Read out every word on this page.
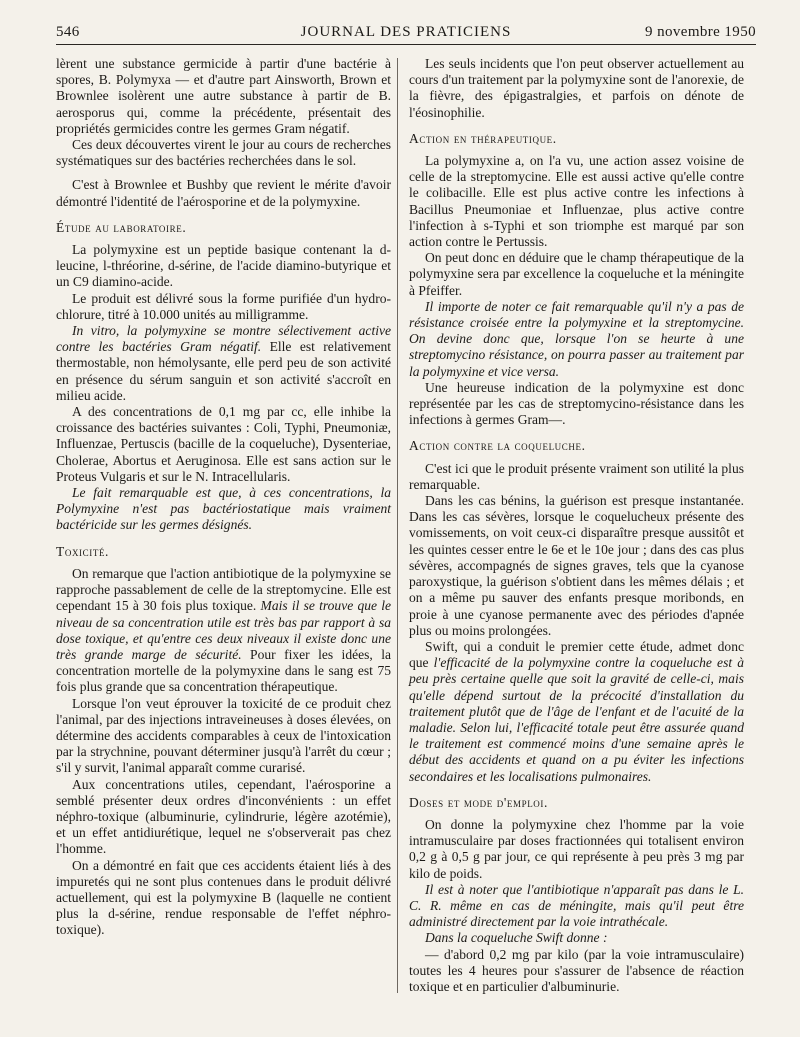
546	JOURNAL DES PRATICIENS	9 novembre 1950

lèrent une substance germicide à partir d'une bactérie à spores, B. Polymyxa — et d'autre part Ainsworth, Brown et Brownlee isolèrent une autre substance à partir de B. aerosporus qui, comme la précédente, présentait des propriétés germicides contre les germes Gram négatif.

Ces deux découvertes virent le jour au cours de recherches systématiques sur des bactéries recherchées dans le sol.

C'est à Brownlee et Bushby que revient le mérite d'avoir démontré l'identité de l'aérosporine et de la polymyxine.

Étude au laboratoire.

La polymyxine est un peptide basique contenant la d-leucine, l-thréorine, d-sérine, de l'acide diamino-butyrique et un C9 diamino-acide.

Le produit est délivré sous la forme purifiée d'un hydro-chlorure, titré à 10.000 unités au milligramme.

In vitro, la polymyxine se montre sélectivement active contre les bactéries Gram négatif. Elle est relativement thermostable, non hémolysante, elle perd peu de son activité en présence du sérum sanguin et son activité s'accroît en milieu acide.

A des concentrations de 0,1 mg par cc, elle inhibe la croissance des bactéries suivantes : Coli, Typhi, Pneumoniæ, Influenzae, Pertuscis (bacille de la coqueluche), Dysenteriae, Cholerae, Abortus et Aeruginosa. Elle est sans action sur le Proteus Vulgaris et sur le N. Intracellularis.

Le fait remarquable est que, à ces concentrations, la Polymyxine n'est pas bactériostatique mais vraiment bactéricide sur les germes désignés.

Toxicité.

On remarque que l'action antibiotique de la polymyxine se rapproche passablement de celle de la streptomycine. Elle est cependant 15 à 30 fois plus toxique. Mais il se trouve que le niveau de sa concentration utile est très bas par rapport à sa dose toxique, et qu'entre ces deux niveaux il existe donc une très grande marge de sécurité. Pour fixer les idées, la concentration mortelle de la polymyxine dans le sang est 75 fois plus grande que sa concentration thérapeutique.

Lorsque l'on veut éprouver la toxicité de ce produit chez l'animal, par des injections intraveineuses à doses élevées, on détermine des accidents comparables à ceux de l'intoxication par la strychnine, pouvant déterminer jusqu'à l'arrêt du cœur ; s'il y survit, l'animal apparaît comme curarisé.

Aux concentrations utiles, cependant, l'aérosporine a semblé présenter deux ordres d'inconvénients : un effet néphro-toxique (albuminurie, cylindrurie, légère azotémie), et un effet antidiurétique, lequel ne s'observerait pas chez l'homme.

On a démontré en fait que ces accidents étaient liés à des impuretés qui ne sont plus contenues dans le produit délivré actuellement, qui est la polymyxine B (laquelle ne contient plus la d-sérine, rendue responsable de l'effet néphro-toxique).

Les seuls incidents que l'on peut observer actuellement au cours d'un traitement par la polymyxine sont de l'anorexie, de la fièvre, des épigastralgies, et parfois on dénote de l'éosinophilie.

Action en thérapeutique.

La polymyxine a, on l'a vu, une action assez voisine de celle de la streptomycine. Elle est aussi active qu'elle contre le colibacille. Elle est plus active contre les infections à Bacillus Pneumoniae et Influenzae, plus active contre l'infection à s-Typhi et son triomphe est marqué par son action contre le Pertussis.

On peut donc en déduire que le champ thérapeutique de la polymyxine sera par excellence la coqueluche et la méningite à Pfeiffer.

Il importe de noter ce fait remarquable qu'il n'y a pas de résistance croisée entre la polymyxine et la streptomycine. On devine donc que, lorsque l'on se heurte à une streptomycino résistance, on pourra passer au traitement par la polymyxine et vice versa.

Une heureuse indication de la polymyxine est donc représentée par les cas de streptomycino-résistance dans les infections à germes Gram—.

Action contre la coqueluche.

C'est ici que le produit présente vraiment son utilité la plus remarquable.

Dans les cas bénins, la guérison est presque instantanée. Dans les cas sévères, lorsque le coquelucheux présente des vomissements, on voit ceux-ci disparaître presque aussitôt et les quintes cesser entre le 6e et le 10e jour ; dans des cas plus sévères, accompagnés de signes graves, tels que la cyanose paroxystique, la guérison s'obtient dans les mêmes délais ; et on a même pu sauver des enfants presque moribonds, en proie à une cyanose permanente avec des périodes d'apnée plus ou moins prolongées.

Swift, qui a conduit le premier cette étude, admet donc que l'efficacité de la polymyxine contre la coqueluche est à peu près certaine quelle que soit la gravité de celle-ci, mais qu'elle dépend surtout de la précocité d'installation du traitement plutôt que de l'âge de l'enfant et de l'acuité de la maladie. Selon lui, l'efficacité totale peut être assurée quand le traitement est commencé moins d'une semaine après le début des accidents et quand on a pu éviter les infections secondaires et les localisations pulmonaires.

Doses et mode d'emploi.

On donne la polymyxine chez l'homme par la voie intramusculaire par doses fractionnées qui totalisent environ 0,2 g à 0,5 g par jour, ce qui représente à peu près 3 mg par kilo de poids.

Il est à noter que l'antibiotique n'apparaît pas dans le L. C. R. même en cas de méningite, mais qu'il peut être administré directement par la voie intrathécale.

Dans la coqueluche Swift donne :

— d'abord 0,2 mg par kilo (par la voie intramusculaire) toutes les 4 heures pour s'assurer de l'absence de réaction toxique et en particulier d'albuminurie.
